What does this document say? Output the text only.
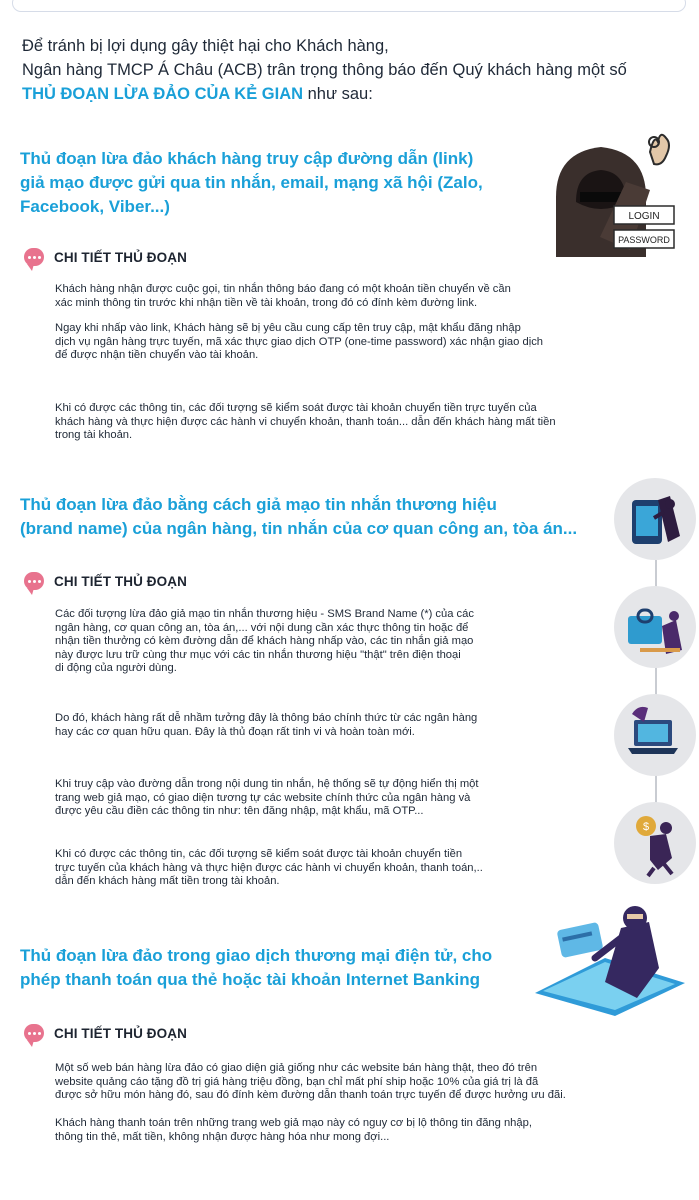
Để tránh bị lợi dụng gây thiệt hại cho Khách hàng,
Ngân hàng TMCP Á Châu (ACB) trân trọng thông báo đến Quý khách hàng một số
THỦ ĐOẠN LỪA ĐẢO CỦA KẺ GIAN như sau:
Thủ đoạn lừa đảo khách hàng truy cập đường dẫn (link)
giả mạo được gửi qua tin nhắn, email, mạng xã hội (Zalo,
Facebook, Viber...)
LOGIN
PASSWORD
CHI TIẾT THỦ ĐOẠN
Khách hàng nhận được cuộc gọi, tin nhắn thông báo đang có một khoản tiền chuyển về cần
xác minh thông tin trước khi nhận tiền về tài khoản, trong đó có đính kèm đường link.
Ngay khi nhấp vào link, Khách hàng sẽ bị yêu cầu cung cấp tên truy cập, mật khẩu đăng nhập
dịch vụ ngân hàng trực tuyến, mã xác thực giao dịch OTP (one-time password) xác nhận giao dịch
để được nhận tiền chuyển vào tài khoản.
Khi có được các thông tin, các đối tượng sẽ kiểm soát được tài khoản chuyển tiền trực tuyến của
khách hàng và thực hiện được các hành vi chuyển khoản, thanh toán... dẫn đến khách hàng mất tiền
trong tài khoản.
Thủ đoạn lừa đảo bằng cách giả mạo tin nhắn thương hiệu
(brand name) của ngân hàng, tin nhắn của cơ quan công an, tòa án...
$
CHI TIẾT THỦ ĐOẠN
Các đối tượng lừa đảo giả mạo tin nhắn thương hiệu - SMS Brand Name (*) của các
ngân hàng, cơ quan công an, tòa án,... với nội dung cần xác thực thông tin hoặc để
nhận tiền thưởng có kèm đường dẫn để khách hàng nhấp vào, các tin nhắn giả mạo
này được lưu trữ cùng thư mục với các tin nhắn thương hiệu "thật" trên điện thoại
di động của người dùng.
Do đó, khách hàng rất dễ nhầm tưởng đây là thông báo chính thức từ các ngân hàng
hay các cơ quan hữu quan. Đây là thủ đoạn rất tinh vi và hoàn toàn mới.
Khi truy cập vào đường dẫn trong nội dung tin nhắn, hệ thống sẽ tự động hiển thị một
trang web giả mạo, có giao diện tương tự các website chính thức của ngân hàng và
được yêu cầu điền các thông tin như: tên đăng nhập, mật khẩu, mã OTP...
Khi có được các thông tin, các đối tượng sẽ kiểm soát được tài khoản chuyển tiền
trực tuyến của khách hàng và thực hiện được các hành vi chuyển khoản, thanh toán,..
dẫn đến khách hàng mất tiền trong tài khoản.
Thủ đoạn lừa đảo trong giao dịch thương mại điện tử, cho
phép thanh toán qua thẻ hoặc tài khoản Internet Banking
CHI TIẾT THỦ ĐOẠN
Một số web bán hàng lừa đảo có giao diện giả giống như các website bán hàng thật, theo đó trên
website quảng cáo tặng đồ trị giá hàng triệu đồng, bạn chỉ mất phí ship hoặc 10% của giá trị là đã
được sở hữu món hàng đó, sau đó đính kèm đường dẫn thanh toán trực tuyến để được hưởng ưu đãi.
Khách hàng thanh toán trên những trang web giả mạo này có nguy cơ bị lộ thông tin đăng nhập,
thông tin thẻ, mất tiền, không nhận được hàng hóa như mong đợi...
